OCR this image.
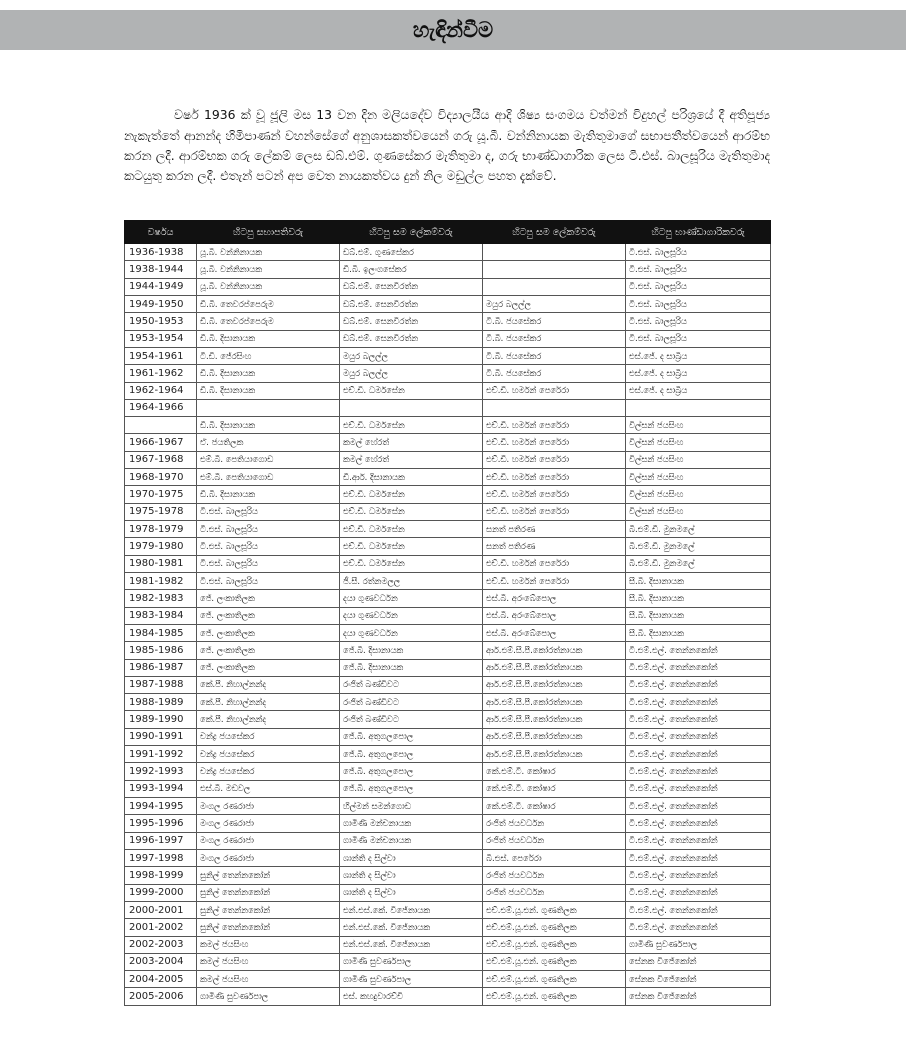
හැඳින්වීම

වර්ෂ 1936 ක් වූ ජූලි මස 13 වන දින මලියදේව විද්‍යාලයීය ආදි ශිෂ්‍ය සංගමය වත්මන් විදුහල් පරිශ්‍රයේ දී අතිපූජ්‍ය නැකැත්තේ ආනන්ද හිමිපාණන් වහන්සේගේ අනුශාසකත්වයෙන් ගරු යූ.බී. වන්නිනායක මැතිතුමාගේ සභාපතීත්වයෙන් ආරම්භ කරන ලදී. ආරම්භක ගරු ලේකම් ලෙස ඩබ්.එම්. ගුණසේකර මැතිතුමා ද, ගරු භාණ්ඩාගාරික ලෙස ටී.එස්. බාලසූරිය මැතිතුමාද කටයුතු කරන ලදී. එතැන් පටන් අප වෙත නායකත්වය දුන් නිල මඩුල්ල පහත දැක්වේ.

වර්ෂය	හිටපු සභාපතිවරු	හිටපු සම ලේකම්වරු	හිටපු සම ලේකම්වරු	හිටපු භාණ්ඩාගාරිකවරු
1936-1938	යූ.බී. වන්නිනායක	ඩබ්.එම්. ගුණසේකර		ටී.එස්. බාලසූරිය
1938-1944	යූ.බී. වන්නිනායක	ඩී.බී. ඉලංගසේකර		ටී.එස්. බාලසූරිය
1944-1949	යූ.බී. වන්නිනායක	ඩබ්.එම්. සෙනවිරත්න		ටී.එස්. බාලසූරිය
1949-1950	ඩී.බී. තෙවරප්පෙරුම	ඩබ්.එම්. සෙනවිරත්න	මයුර බලල්ල	ටී.එස්. බාලසූරිය
1950-1953	ඩී.බී. තෙවරප්පෙරුම	ඩබ්.එම්. සෙනවිරත්න	ටී.බී. ජයසේකර	ටී.එස්. බාලසූරිය
1953-1954	ඩී.බී. දිසානායක	ඩබ්.එම්. සෙනවිරත්න	ටී.බී. ජයසේකර	ටී.එස්. බාලසූරිය
1954-1961	ටී.ඩී. ජේරසිංහ	මයුර බලල්ල	ටී.බී. ජයසේකර	එස්.ජේ. ද සාබ්‍රිය
1961-1962	ඩී.බී. දිසානායක	මයුර බලල්ල	ටී.බී. ජයසේකර	එස්.ජේ. ද සාබ්‍රිය
1962-1964	ඩී.බී. දිසානායක	එච්.ඩී. ධර්මසේන	එච්.ඩී. හර්මන් පෙරේරා	එස්.ජේ. ද සාබ්‍රිය
1964-1966				
	ඩී.බී. දිසානායක	එච්.ඩී. ධර්මසේන	එච්.ඩී. හර්මන් පෙරේරා	විල්සන් ජයසිංහ
1966-1967	ඒ. ජයතිලක	කමල් හේරත්	එච්.ඩී. හර්මන් පෙරේරා	විල්සන් ජයසිංහ
1967-1968	එම්.බී. පෙතියාගොඩ	කමල් හේරත්	එච්.ඩී. හර්මන් පෙරේරා	විල්සන් ජයසිංහ
1968-1970	එම්.බී. පෙතියාගොඩ	ඩී.ආර්. දිසානායක	එච්.ඩී. හර්මන් පෙරේරා	විල්සන් ජයසිංහ
1970-1975	ඩී.බී. දිසානායක	එච්.ඩී. ධර්මසේන	එච්.ඩී. හර්මන් පෙරේරා	විල්සන් ජයසිංහ
1975-1978	ටී.එස්. බාලසූරිය	එච්.ඩී. ධර්මසේන	එච්.ඩී. හර්මන් පෙරේරා	විල්සන් ජයසිංහ
1978-1979	ටී.එස්. බාලසූරිය	එච්.ඩී. ධර්මසේන	සනත් පතිරණ	බී.එම්.ඩී. මුනමලේ
1979-1980	ටී.එස්. බාලසූරිය	එච්.ඩී. ධර්මසේන	සනත් පතිරණ	බී.එම්.ඩී. මුනමලේ
1980-1981	ටී.එස්. බාලසූරිය	එච්.ඩී. ධර්මසේන	එච්.ඩී. හර්මන් පෙරේරා	බී.එම්.ඩී. මුනමලේ
1981-1982	ටී.එස්. බාලසූරිය	ජී.සී. රත්නමලල	එච්.ඩී. හර්මන් පෙරේරා	සී.බී. දිසානායක
1982-1983	ජේ. ලංකාතිලක	දයා ගුණවර්ධන	එස්.බී. අරංබේපොල	සී.බී. දිසානායක
1983-1984	ජේ. ලංකාතිලක	දයා ගුණවර්ධන	එස්.බී. අරංබේපොල	සී.බී. දිසානායක
1984-1985	ජේ. ලංකාතිලක	දයා ගුණවර්ධන	එස්.බී. අරංබේපොල	සී.බී. දිසානායක
1985-1986	ජේ. ලංකාතිලක	ජේ.බී. දිසානායක	ආර්.එම්.සී.පී.කෝරත්නායක	ටී.එම්.එල්. තෙන්නකෝන්
1986-1987	ජේ. ලංකාතිලක	ජේ.බී. දිසානායක	ආර්.එම්.සී.පී.කෝරත්නායක	ටී.එම්.එල්. තෙන්නකෝන්
1987-1988	කේ.පී. නිහාල්නන්ද	රංජිත් බණ්ඩිවට	ආර්.එම්.සී.පී.කෝරත්නායක	ටී.එම්.එල්. තෙන්නකෝන්
1988-1989	කේ.පී. නිහාල්නන්ද	රංජිත් බණ්ඩිවට	ආර්.එම්.සී.පී.කෝරත්නායක	ටී.එම්.එල්. තෙන්නකෝන්
1989-1990	කේ.පී. නිහාල්නන්ද	රංජිත් බණ්ඩිවට	ආර්.එම්.සී.පී.කෝරත්නායක	ටී.එම්.එල්. තෙන්නකෝන්
1990-1991	චන්ද්‍ර ජයසේකර	ජේ.බී. අතුගලපොල	ආර්.එම්.සී.පී.කෝරත්නායක	ටී.එම්.එල්. තෙන්නකෝන්
1991-1992	චන්ද්‍ර ජයසේකර	ජේ.බී. අතුගලපොල	ආර්.එම්.සී.පී.කෝරත්නායක	ටී.එම්.එල්. තෙන්නකෝන්
1992-1993	චන්ද්‍ර ජයසේකර	ජේ.බී. අතුගලපොල	කේ.එම්.ටී. කෝෂාර	ටී.එම්.එල්. තෙන්නකෝන්
1993-1994	එස්.බී. මඩවල	ජේ.බී. අතුගලපොල	කේ.එම්.ටී. කෝෂාර	ටී.එම්.එල්. තෙන්නකෝන්
1994-1995	මංගල රණරාජා	හිල්මන් සමන්ගොඩ	කේ.එම්.ටී. කෝෂාර	ටී.එම්.එල්. තෙන්නකෝන්
1995-1996	මංගල රණරාජා	ගාමිණී මන්චනායක	රංජිත් ජයවර්ධන	ටී.එම්.එල්. තෙන්නකෝන්
1996-1997	මංගල රණරාජා	ගාමිණී මන්චනායක	රංජිත් ජයවර්ධන	ටී.එම්.එල්. තෙන්නකෝන්
1997-1998	මංගල රණරාජා	ශාන්ති ද සිල්වා	බී.එස්. පෙරේරා	ටී.එම්.එල්. තෙන්නකෝන්
1998-1999	සුනිල් තෙන්නකෝන්	ශාන්ති ද සිල්වා	රංජිත් ජයවර්ධන	ටී.එම්.එල්. තෙන්නකෝන්
1999-2000	සුනිල් තෙන්නකෝන්	ශාන්ති ද සිල්වා	රංජිත් ජයවර්ධන	ටී.එම්.එල්. තෙන්නකෝන්
2000-2001	සුනිල් තෙන්නකෝන්	එන්.එස්.කේ. විජේනායක	එච්.එම්.යූ.එන්. ගුණතිලක	ටී.එම්.එල්. තෙන්නකෝන්
2001-2002	සුනිල් තෙන්නකෝන්	එන්.එස්.කේ. විජේනායක	එච්.එම්.යූ.එන්. ගුණතිලක	ටී.එම්.එල්. තෙන්නකෝන්
2002-2003	කමල් ජයසිංහ	එන්.එස්.කේ. විජේනායක	එච්.එම්.යූ.එන්. ගුණතිලක	ගාමිණී සුවර්ණපාල
2003-2004	කමල් ජයසිංහ	ගාමිණී සුවර්ණපාල	එච්.එම්.යූ.එන්. ගුණතිලක	සේනක විජේකෝන්
2004-2005	කමල් ජයසිංහ	ගාමිණී සුවර්ණපාල	එච්.එම්.යූ.එන්. ගුණතිලක	සේනක විජේකෝන්
2005-2006	ගාමිණී සුවර්ණපාල	එස්. කහදුවාරච්චි	එච්.එම්.යූ.එන්. ගුණතිලක	සේනක විජේකෝන්
